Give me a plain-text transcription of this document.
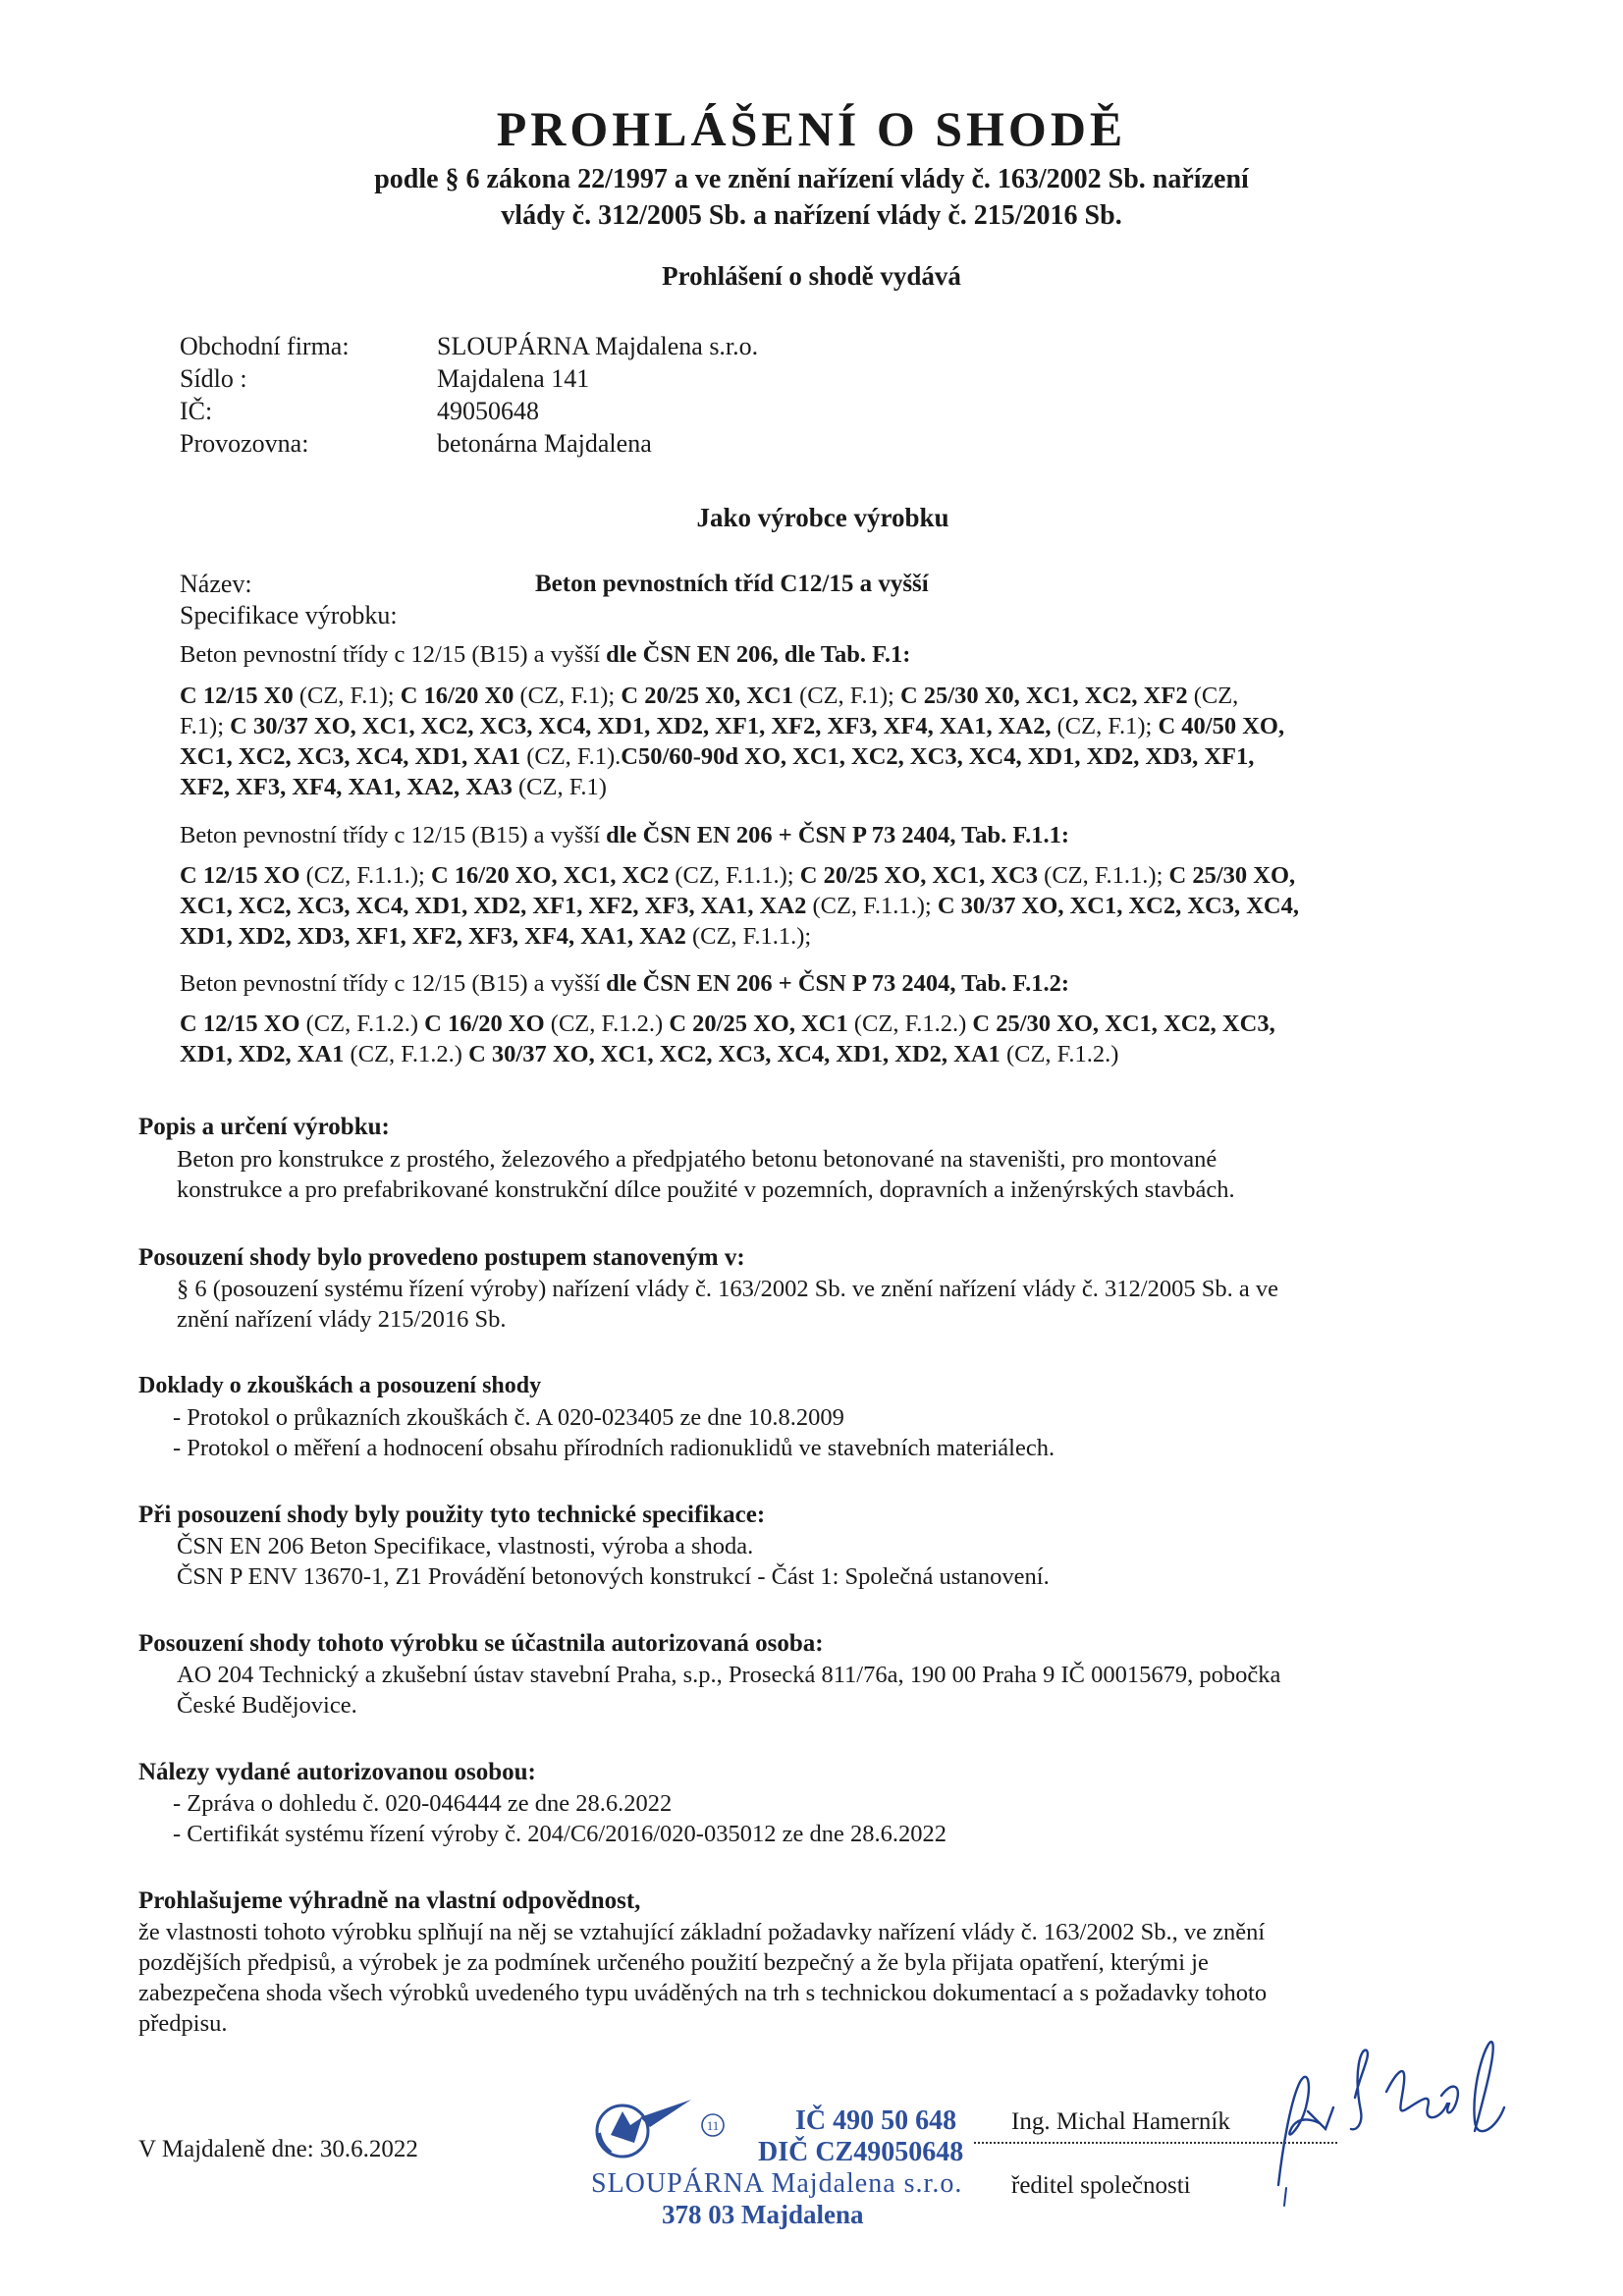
PROHLÁŠENÍ O SHODĚ
podle § 6 zákona 22/1997 a ve znění nařízení vlády č. 163/2002 Sb. nařízení
vlády č. 312/2005 Sb. a nařízení vlády č. 215/2016 Sb.
Prohlášení o shodě vydává
Obchodní firma:
Sídlo :
IČ:
Provozovna:
SLOUPÁRNA Majdalena s.r.o.
Majdalena 141
49050648
betonárna Majdalena
Jako výrobce výrobku
Název:	Beton pevnostních tříd C12/15 a vyšší
Specifikace výrobku:
Beton pevnostní třídy c 12/15 (B15) a vyšší dle ČSN EN 206, dle Tab. F.1:
C 12/15 X0 (CZ, F.1); C 16/20 X0 (CZ, F.1); C 20/25 X0, XC1 (CZ, F.1); C 25/30 X0, XC1, XC2, XF2 (CZ,
F.1); C 30/37 XO, XC1, XC2, XC3, XC4, XD1, XD2, XF1, XF2, XF3, XF4, XA1, XA2, (CZ, F.1); C 40/50 XO,
XC1, XC2, XC3, XC4, XD1, XA1 (CZ, F.1).C50/60-90d XO, XC1, XC2, XC3, XC4, XD1, XD2, XD3, XF1,
XF2, XF3, XF4, XA1, XA2, XA3 (CZ, F.1)
Beton pevnostní třídy c 12/15 (B15) a vyšší dle ČSN EN 206 + ČSN P 73 2404, Tab. F.1.1:
C 12/15 XO (CZ, F.1.1.); C 16/20 XO, XC1, XC2 (CZ, F.1.1.); C 20/25 XO, XC1, XC3 (CZ, F.1.1.); C 25/30 XO,
XC1, XC2, XC3, XC4, XD1, XD2, XF1, XF2, XF3, XA1, XA2 (CZ, F.1.1.); C 30/37 XO, XC1, XC2, XC3, XC4,
XD1, XD2, XD3, XF1, XF2, XF3, XF4, XA1, XA2 (CZ, F.1.1.);
Beton pevnostní třídy c 12/15 (B15) a vyšší dle ČSN EN 206 + ČSN P 73 2404, Tab. F.1.2:
C 12/15 XO (CZ, F.1.2.) C 16/20 XO (CZ, F.1.2.) C 20/25 XO, XC1 (CZ, F.1.2.) C 25/30 XO, XC1, XC2, XC3,
XD1, XD2, XA1 (CZ, F.1.2.) C 30/37 XO, XC1, XC2, XC3, XC4, XD1, XD2, XA1 (CZ, F.1.2.)
Popis a určení výrobku:
Beton pro konstrukce z prostého, železového a předpjatého betonu betonované na staveništi, pro montované
konstrukce a pro prefabrikované konstrukční dílce použité v pozemních, dopravních a inženýrských stavbách.
Posouzení shody bylo provedeno postupem stanoveným v:
§ 6 (posouzení systému řízení výroby) nařízení vlády č. 163/2002 Sb. ve znění nařízení vlády č. 312/2005 Sb. a ve
znění nařízení vlády 215/2016 Sb.
Doklady o zkouškách a posouzení shody
- Protokol o průkazních zkouškách č. A 020-023405 ze dne 10.8.2009
- Protokol o měření a hodnocení obsahu přírodních radionuklidů ve stavebních materiálech.
Při posouzení shody byly použity tyto technické specifikace:
ČSN EN 206 Beton Specifikace, vlastnosti, výroba a shoda.
ČSN P ENV 13670-1, Z1 Provádění betonových konstrukcí - Část 1: Společná ustanovení.
Posouzení shody tohoto výrobku se účastnila autorizovaná osoba:
AO 204 Technický a zkušební ústav stavební Praha, s.p., Prosecká 811/76a, 190 00 Praha 9 IČ 00015679, pobočka
České Budějovice.
Nálezy vydané autorizovanou osobou:
- Zpráva o dohledu č. 020-046444 ze dne 28.6.2022
- Certifikát systému řízení výroby č. 204/C6/2016/020-035012 ze dne 28.6.2022
Prohlašujeme výhradně na vlastní odpovědnost,
že vlastnosti tohoto výrobku splňují na něj se vztahující základní požadavky nařízení vlády č. 163/2002 Sb., ve znění
pozdějších předpisů, a výrobek je za podmínek určeného použití bezpečný a že byla přijata opatření, kterými je
zabezpečena shoda všech výrobků uvedeného typu uváděných na trh s technickou dokumentací a s požadavky tohoto
předpisu.
V Majdaleně dne: 30.6.2022
11	IČ 490 50 648
DIČ CZ49050648
SLOUPÁRNA Majdalena s.r.o.
378 03 Majdalena
Ing. Michal Hamerník
ředitel společnosti
